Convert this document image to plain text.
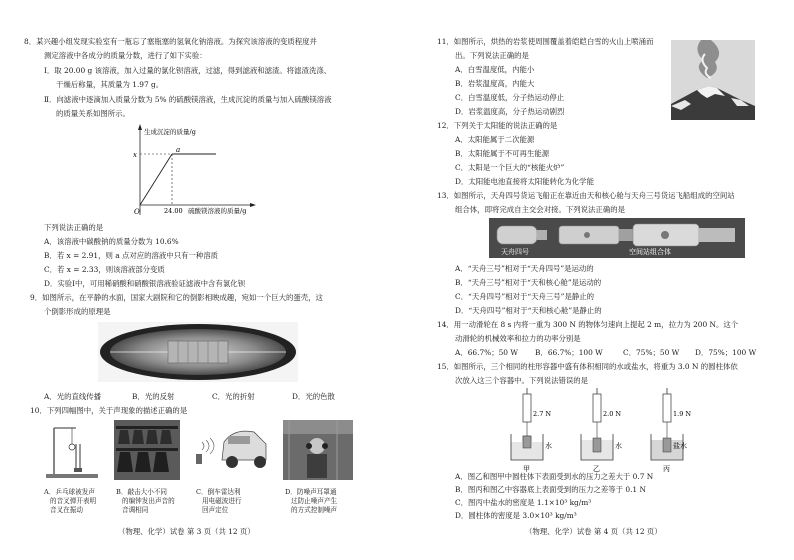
8．某兴趣小组发现实验室有一瓶忘了塞瓶塞的氢氧化钠溶液。为探究该溶液的变质程度并
测定溶液中各成分的质量分数，进行了如下实验：
Ⅰ．取 20.00 g 该溶液，加入过量的氯化钡溶液，过滤，得到滤液和滤渣。将滤渣洗涤、
干燥后称量，其质量为 1.97 g。
Ⅱ．向滤液中逐滴加入质量分数为 5% 的硫酸镁溶液，生成沉淀的质量与加入硫酸镁溶液
的质量关系如图所示。
生成沉淀的质量/g
a
x
O	24.00 硫酸镁溶液的质量/g
下列说法正确的是
A．该溶液中碳酸钠的质量分数为 10.6%
B．若 x = 2.91，则 a 点对应的溶液中只有一种溶质
C．若 x = 2.33，则该溶液部分变质
D．实验Ⅰ中，可用稀硝酸和硝酸银溶液验证滤液中含有氯化钡
9．如图所示，在平静的水面，国家大剧院和它的倒影相映成趣，宛如一个巨大的蛋壳，这
个倒影形成的原理是
A．光的直线传播	B．光的反射	C．光的折射	D．光的色散
10．下列四幅图中，关于声现象的描述正确的是
A．乒乓球被发声
的音叉弹开表明
音叉在振动
B．敲击大小不同
的编钟发出声音的
音调相同
C．倒车雷达利
用电磁波进行
回声定位
D．防噪声耳罩通
过防止噪声产生
的方式控制噪声
（物理、化学）试卷 第 3 页（共 12 页）
11．如图所示，烘热的岩浆使周围覆盖着皑皑白雪的火山上喷涌而
出。下列说法正确的是
A．白雪温度低，内能小
B．岩浆温度高，内能大
C．白雪温度低，分子热运动停止
D．岩浆温度高，分子热运动剧烈
12．下列关于太阳能的说法正确的是
A．太阳能属于二次能源
B．太阳能属于不可再生能源
C．太阳是一个巨大的“核能火炉”
D．太阳能电池直接将太阳能转化为化学能
13．如图所示，天舟四号货运飞船正在靠近由天和核心舱与天舟三号货运飞船组成的空间站
组合体，即将完成自主交会对接。下列说法正确的是
天舟四号	空间站组合体
A．“天舟三号”相对于“天舟四号”是运动的
B．“天舟三号”相对于“天和核心舱”是运动的
C．“天舟四号”相对于“天舟三号”是静止的
D．“天舟四号”相对于“天和核心舱”是静止的
14．用一动滑轮在 8 s 内将一重为 300 N 的物体匀速向上提起 2 m，拉力为 200 N。这个
动滑轮的机械效率和拉力的功率分别是
A．66.7%；50 W B．66.7%；100 W	C．75%；50 W D．75%；100 W
15．如图所示，三个相同的柱形容器中盛有体积相同的水或盐水，将重为 3.0 N 的圆柱体依
次放入这三个容器中。下列说法错误的是
2.7 N
水
甲
2.0 N
水
乙
1.9 N
盐水
丙
A．图乙和图甲中圆柱体下表面受到水的压力之差大于 0.7 N
B．图丙和图乙中容器底上表面受到的压力之差等于 0.1 N
C．图丙中盐水的密度是 1.1×10³ kg/m³
D．圆柱体的密度是 3.0×10³ kg/m³
（物理、化学）试卷 第 4 页（共 12 页）
